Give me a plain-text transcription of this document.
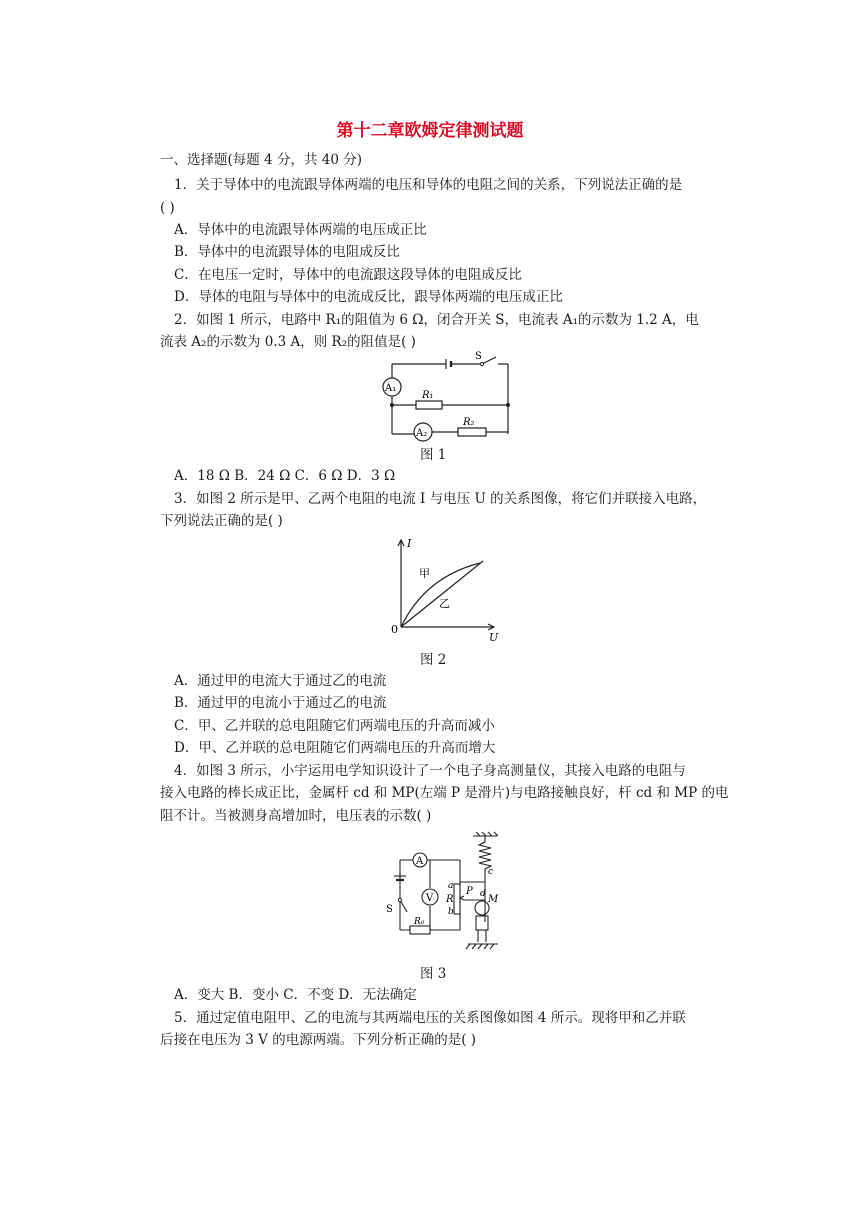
第十二章欧姆定律测试题
一、选择题(每题 4 分，共 40 分)
1．关于导体中的电流跟导体两端的电压和导体的电阻之间的关系，下列说法正确的是
( )
A．导体中的电流跟导体两端的电压成正比
B．导体中的电流跟导体的电阻成反比
C．在电压一定时，导体中的电流跟这段导体的电阻成反比
D．导体的电阻与导体中的电流成反比，跟导体两端的电压成正比
2．如图 1 所示，电路中 R₁的阻值为 6 Ω，闭合开关 S，电流表 A₁的示数为 1.2 A，电
流表 A₂的示数为 0.3 A，则 R₂的阻值是( )
S
A₁
A₂
R₁
R₂
图 1
A．18 Ω B．24 Ω C．6 Ω D．3 Ω
3．如图 2 所示是甲、乙两个电阻的电流 I 与电压 U 的关系图像，将它们并联接入电路，
下列说法正确的是( )
I
U
0
甲
乙
图 2
A．通过甲的电流大于通过乙的电流
B．通过甲的电流小于通过乙的电流
C．甲、乙并联的总电阻随它们两端电压的升高而减小
D．甲、乙并联的总电阻随它们两端电压的升高而增大
4．如图 3 所示，小宇运用电学知识设计了一个电子身高测量仪，其接入电路的电阻与
接入电路的棒长成正比，金属杆 cd 和 MP(左端 P 是滑片)与电路接触良好，杆 cd 和 MP 的电
阻不计。当被测身高增加时，电压表的示数( )
A
V
S
R₀
R
a
b
c
d
P
M
图 3
A．变大 B．变小 C．不变 D．无法确定
5．通过定值电阻甲、乙的电流与其两端电压的关系图像如图 4 所示。现将甲和乙并联
后接在电压为 3 V 的电源两端。下列分析正确的是( )
